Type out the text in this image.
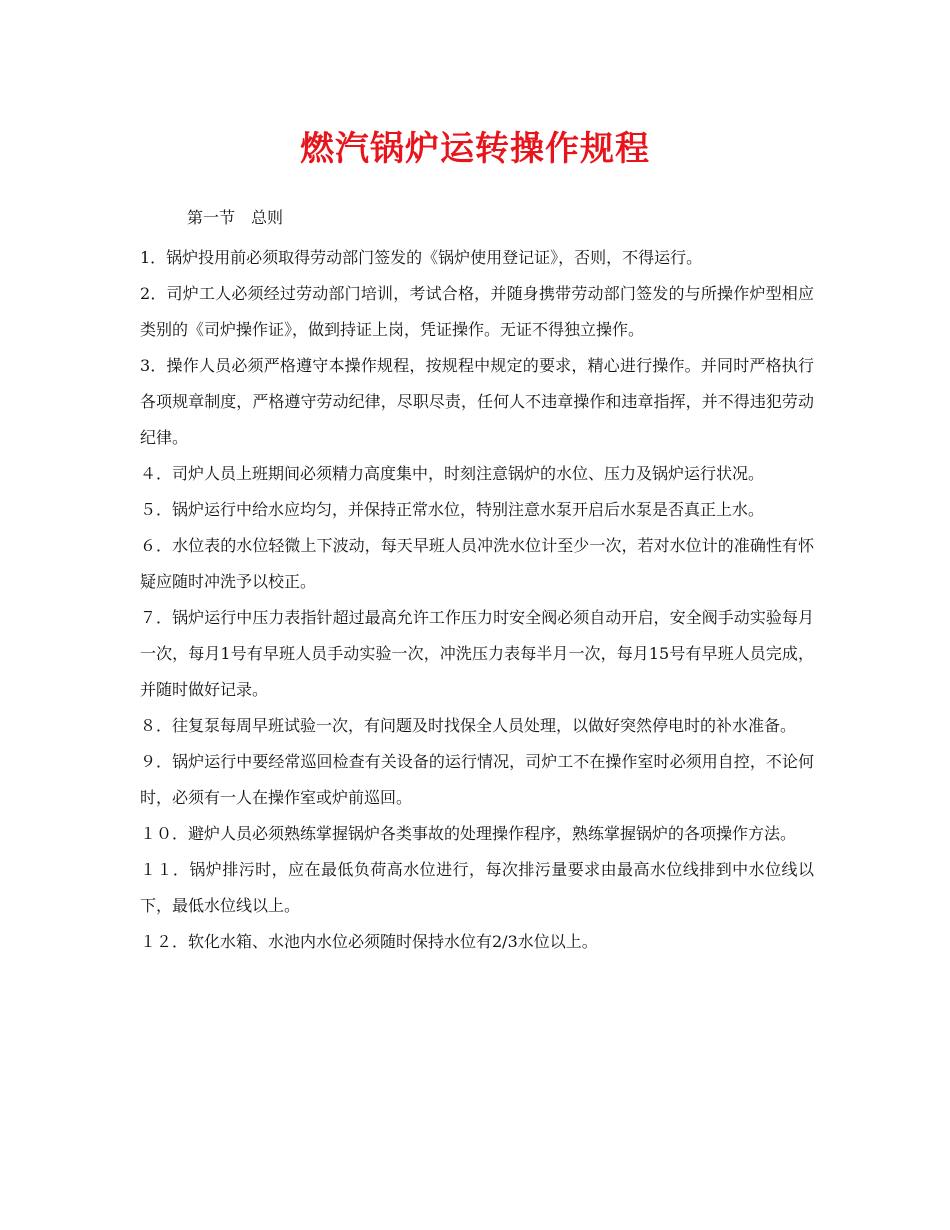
燃汽锅炉运转操作规程
第一节　总则

1．锅炉投用前必须取得劳动部门签发的《锅炉使用登记证》，否则，不得运行。

2．司炉工人必须经过劳动部门培训，考试合格，并随身携带劳动部门签发的与所操作炉型相应类别的《司炉操作证》，做到持证上岗，凭证操作。无证不得独立操作。

3．操作人员必须严格遵守本操作规程，按规程中规定的要求，精心进行操作。并同时严格执行各项规章制度，严格遵守劳动纪律，尽职尽责，任何人不违章操作和违章指挥，并不得违犯劳动纪律。

４．司炉人员上班期间必须精力高度集中，时刻注意锅炉的水位、压力及锅炉运行状况。

５．锅炉运行中给水应均匀，并保持正常水位，特别注意水泵开启后水泵是否真正上水。

６．水位表的水位轻微上下波动，每天早班人员冲洗水位计至少一次，若对水位计的准确性有怀疑应随时冲洗予以校正。

７．锅炉运行中压力表指针超过最高允许工作压力时安全阀必须自动开启，安全阀手动实验每月一次，每月1号有早班人员手动实验一次，冲洗压力表每半月一次，每月15号有早班人员完成，并随时做好记录。

８．往复泵每周早班试验一次，有问题及时找保全人员处理，以做好突然停电时的补水准备。

９．锅炉运行中要经常巡回检查有关设备的运行情况，司炉工不在操作室时必须用自控，不论何时，必须有一人在操作室或炉前巡回。

１０．避炉人员必须熟练掌握锅炉各类事故的处理操作程序，熟练掌握锅炉的各项操作方法。

１１．锅炉排污时，应在最低负荷高水位进行，每次排污量要求由最高水位线排到中水位线以下，最低水位线以上。

１２．软化水箱、水池内水位必须随时保持水位有2/3水位以上。
